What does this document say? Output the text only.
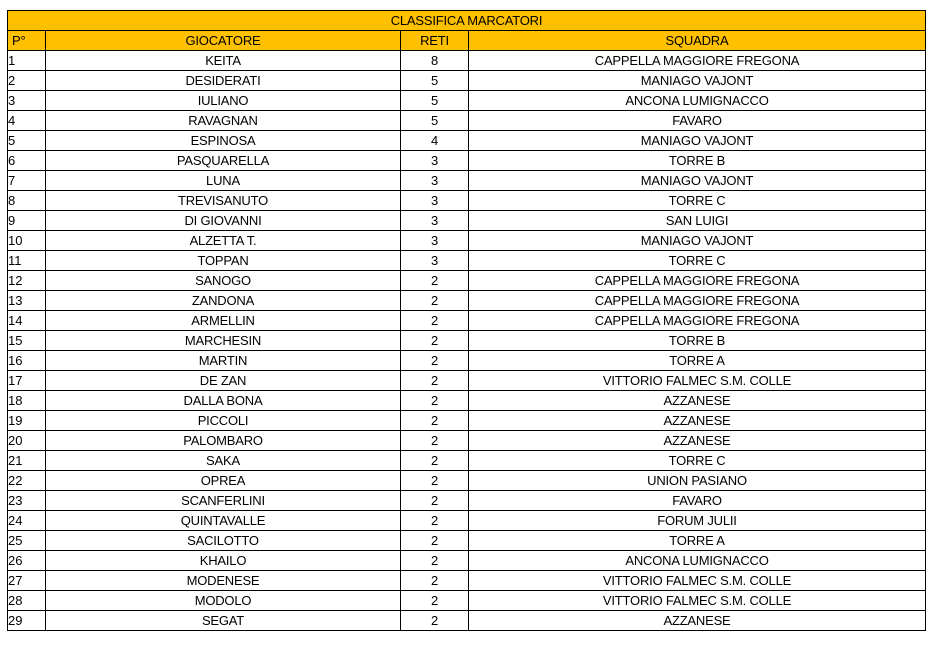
CLASSIFICA MARCATORI			
P°	GIOCATORE	RETI	SQUADRA
1	KEITA	8	CAPPELLA MAGGIORE FREGONA
2	DESIDERATI	5	MANIAGO VAJONT
3	IULIANO	5	ANCONA LUMIGNACCO
4	RAVAGNAN	5	FAVARO
5	ESPINOSA	4	MANIAGO VAJONT
6	PASQUARELLA	3	TORRE B
7	LUNA	3	MANIAGO VAJONT
8	TREVISANUTO	3	TORRE C
9	DI GIOVANNI	3	SAN LUIGI
10	ALZETTA T.	3	MANIAGO VAJONT
11	TOPPAN	3	TORRE C
12	SANOGO	2	CAPPELLA MAGGIORE FREGONA
13	ZANDONA	2	CAPPELLA MAGGIORE FREGONA
14	ARMELLIN	2	CAPPELLA MAGGIORE FREGONA
15	MARCHESIN	2	TORRE B
16	MARTIN	2	TORRE A
17	DE ZAN	2	VITTORIO FALMEC S.M. COLLE
18	DALLA BONA	2	AZZANESE
19	PICCOLI	2	AZZANESE
20	PALOMBARO	2	AZZANESE
21	SAKA	2	TORRE C
22	OPREA	2	UNION PASIANO
23	SCANFERLINI	2	FAVARO
24	QUINTAVALLE	2	FORUM JULII
25	SACILOTTO	2	TORRE A
26	KHAILO	2	ANCONA LUMIGNACCO
27	MODENESE	2	VITTORIO FALMEC S.M. COLLE
28	MODOLO	2	VITTORIO FALMEC S.M. COLLE
29	SEGAT	2	AZZANESE
